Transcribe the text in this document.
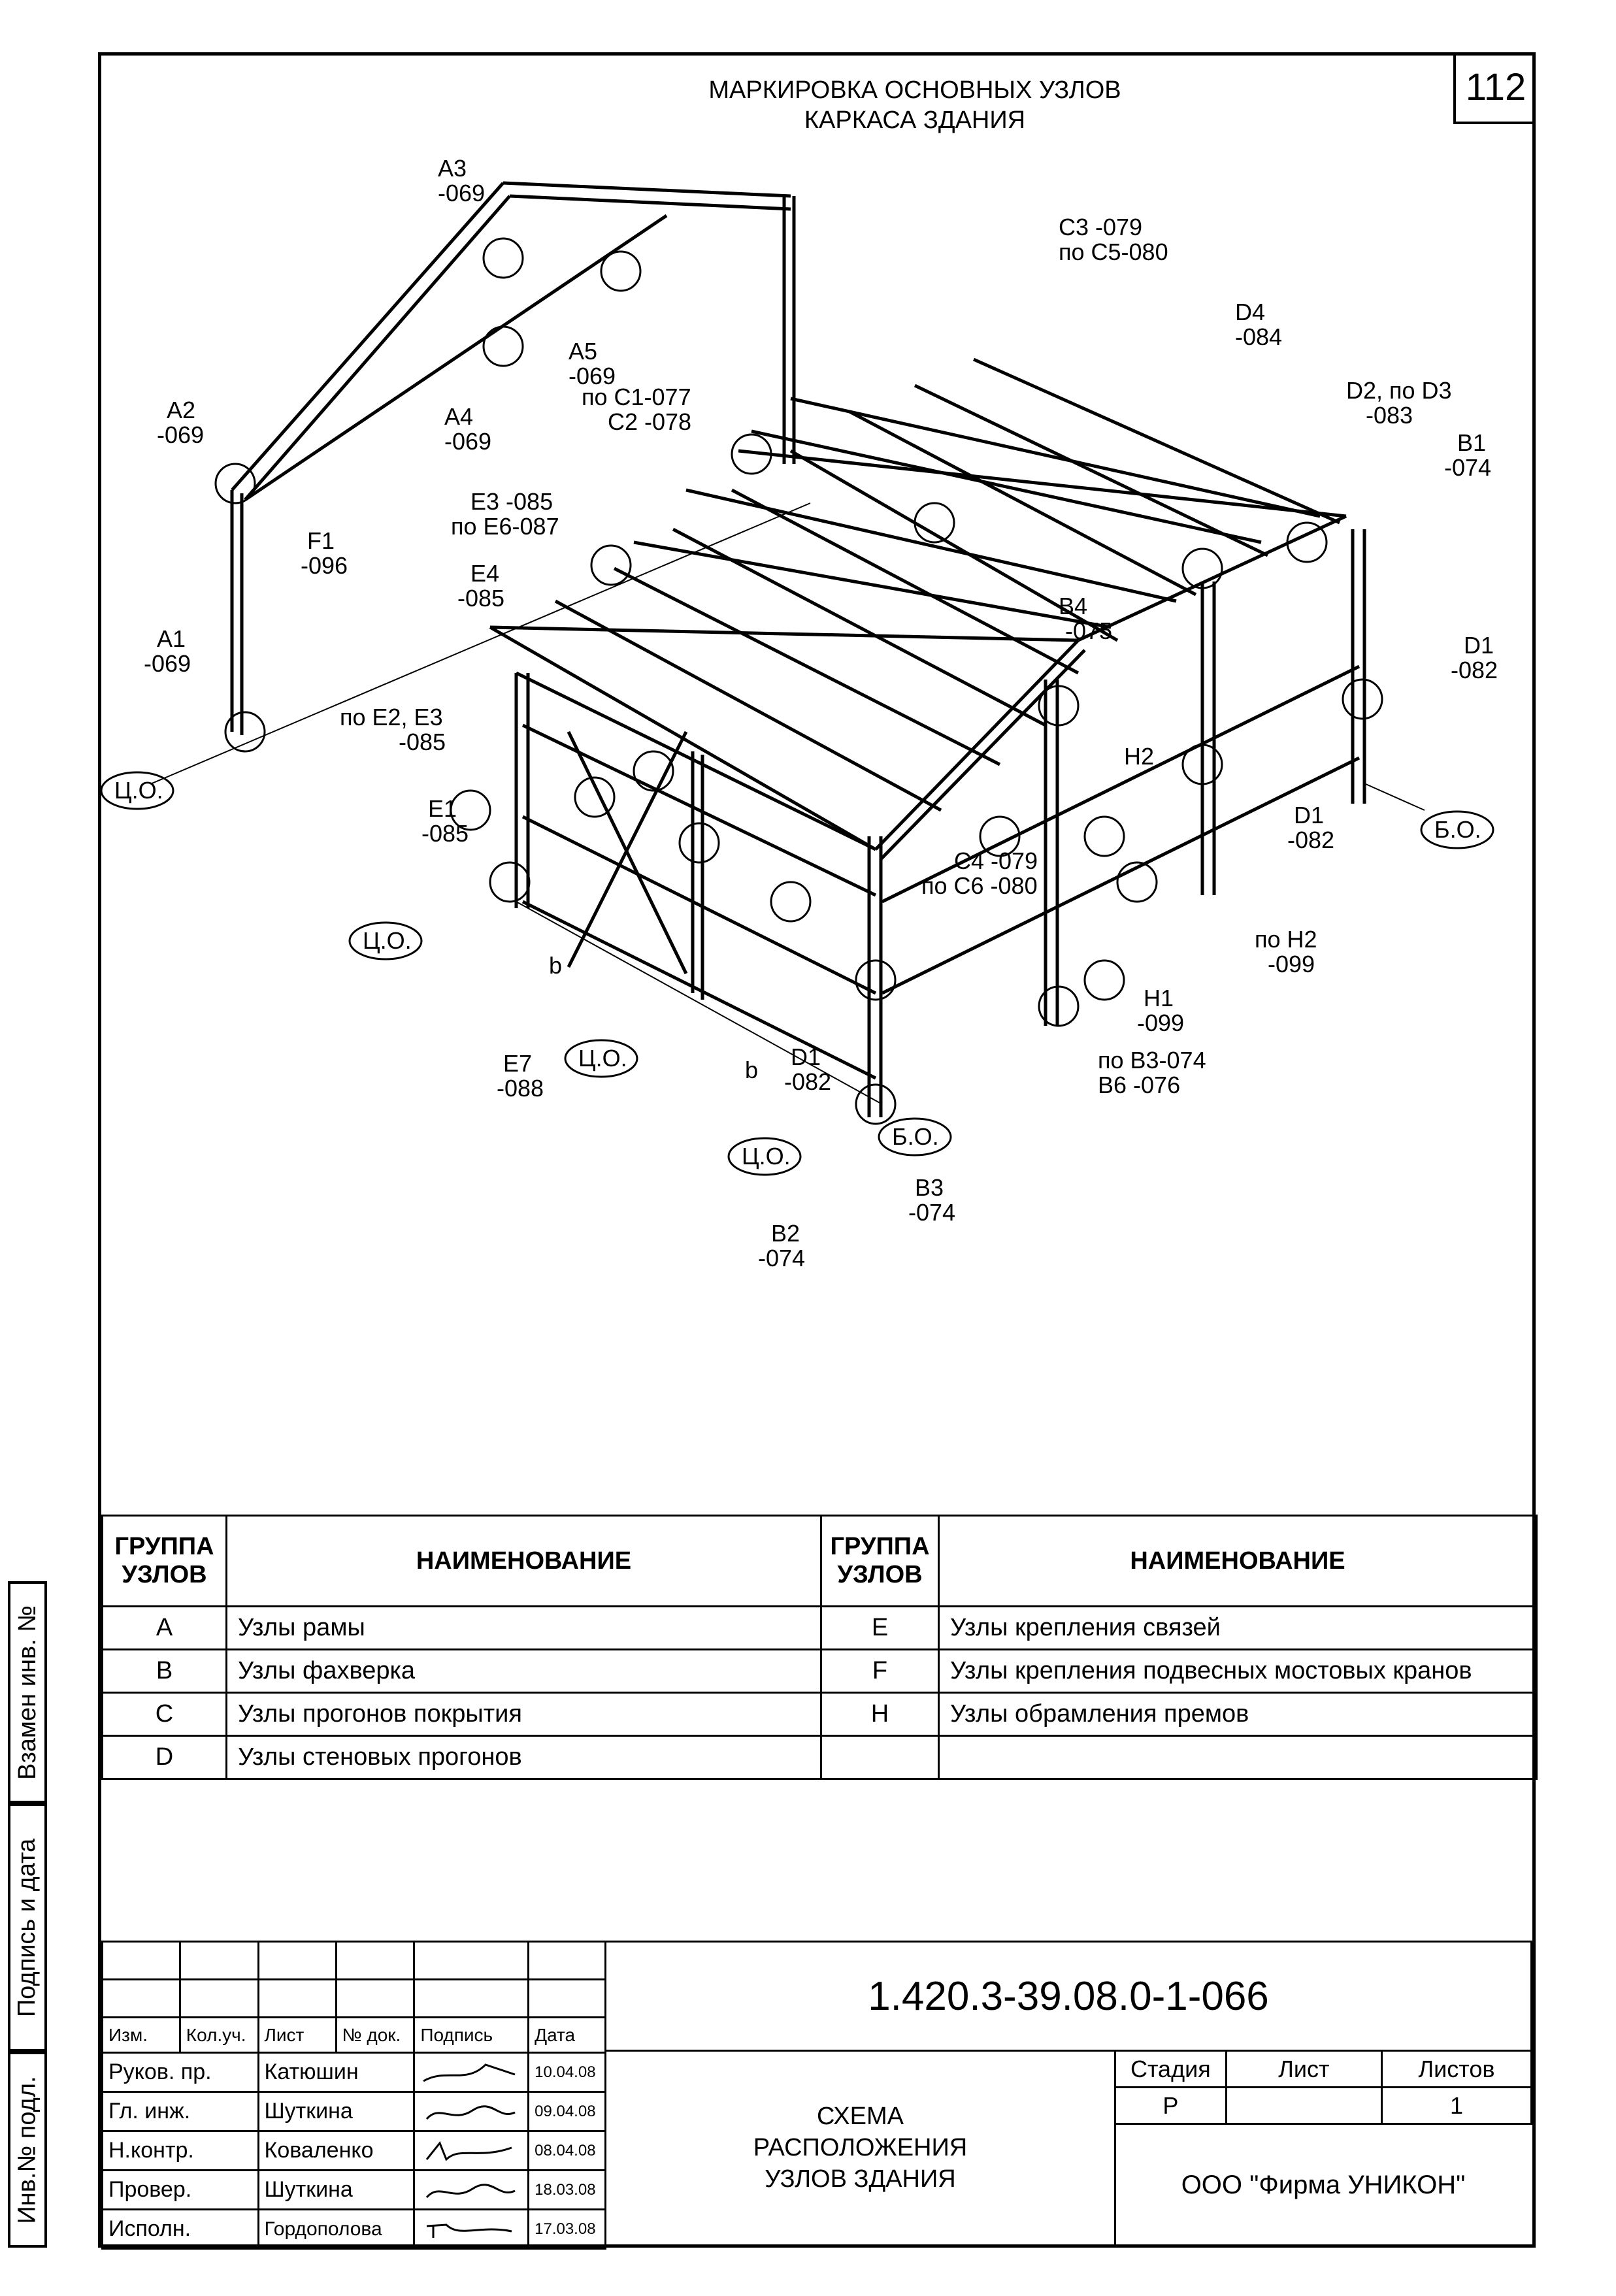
112
МАРКИРОВКА ОСНОВНЫХ УЗЛОВ
КАРКАСА ЗДАНИЯ
Взамен инв. №
Подпись и дата
Инв.№ подл.
A3
-069
A5
-069
A4
-069
A2
-069
F1
-096
A1
-069
по C1-077
C2 -078
E3 -085
по E6-087
E4
-085
по E2, E3
-085
E1
-085
C3 -079
по C5-080
D4
-084
D2, по D3
-083
B1
-074
B4
-075
D1
-082
H2
D1
-082
C4 -079
по C6 -080
по H2
-099
H1
-099
по B3-074
B6 -076
E7
-088
D1
-082
B3
-074
B2
-074
Ц.О.
Ц.О.
Ц.О.
Ц.О.
Б.О.
Б.О.
b
b
ГРУППА УЗЛОВ	НАИМЕНОВАНИЕ	ГРУППА УЗЛОВ	НАИМЕНОВАНИЕ
A	Узлы рамы	E	Узлы крепления связей
B	Узлы фахверка	F	Узлы крепления подвесных мостовых кранов
C	Узлы прогонов покрытия	H	Узлы обрамления премов
D	Узлы стеновых прогонов		

Изм.	Кол.уч.	Лист	№ док.	Подпись	Дата
Руков. пр.		Катюшин			10.04.08
Гл. инж.		Шуткина			09.04.08
Н.контр.		Коваленко			08.04.08
Провер.		Шуткина			18.03.08
Исполн.		Гордополова			17.03.08
1.420.3-39.08.0-1-066
СХЕМА
РАСПОЛОЖЕНИЯ
УЗЛОВ ЗДАНИЯ
Стадия	Лист	Листов
Р		1
ООО "Фирма УНИКОН"
